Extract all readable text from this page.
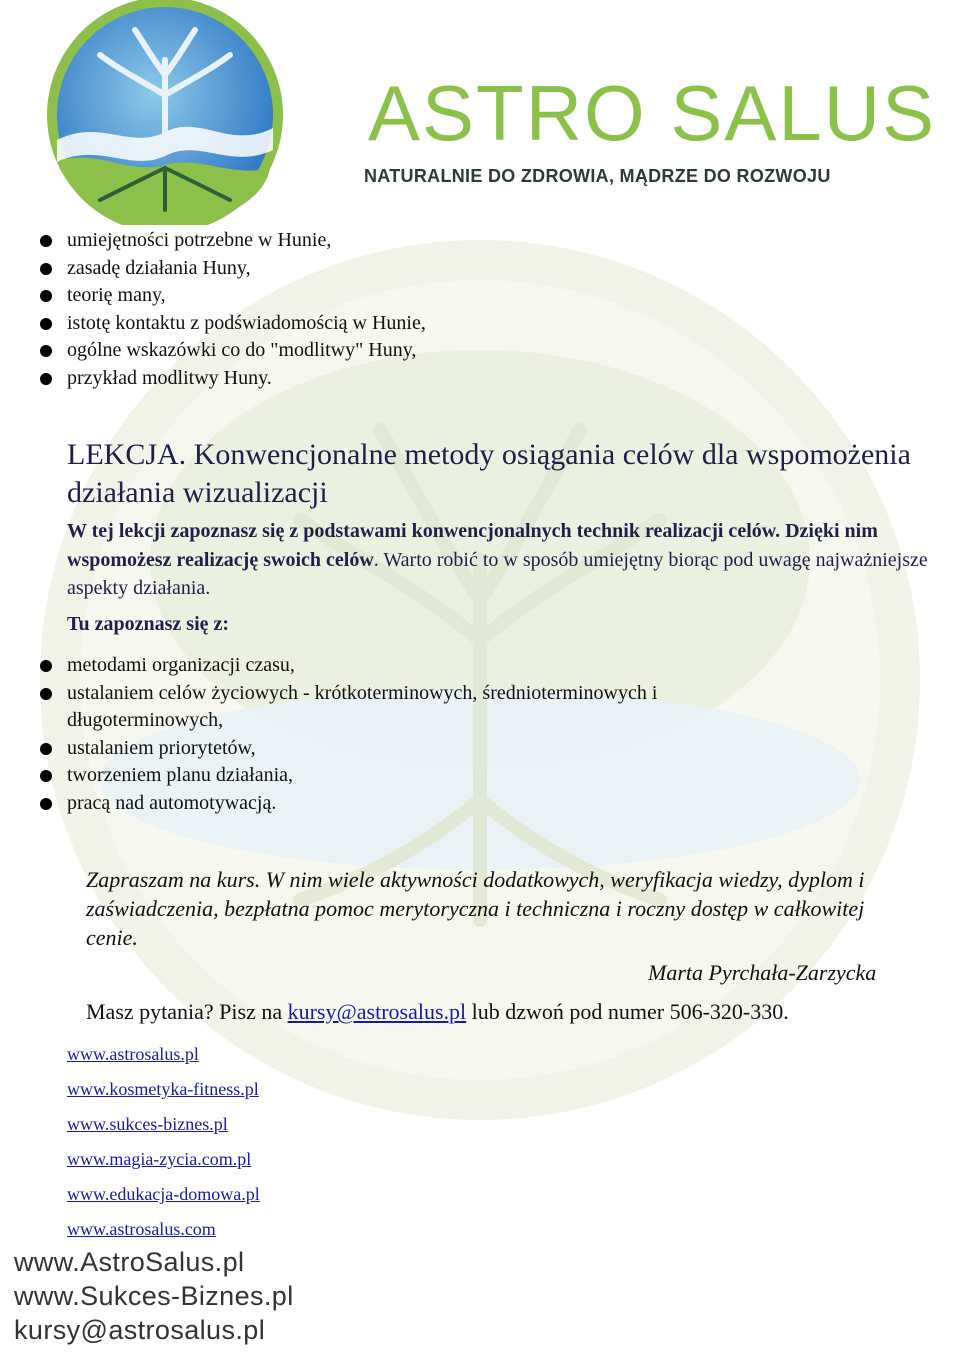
ASTRO SALUS
NATURALNIE DO ZDROWIA, MĄDRZE DO ROZWOJU
umiejętności potrzebne w Hunie,
zasadę działania Huny,
teorię many,
istotę kontaktu z podświadomością w Hunie,
ogólne wskazówki co do "modlitwy" Huny,
przykład modlitwy Huny.
LEKCJA. Konwencjonalne metody osiągania celów dla wspomożenia działania wizualizacji
W tej lekcji zapoznasz się z podstawami konwencjonalnych technik realizacji celów. Dzięki nim wspomożesz realizację swoich celów. Warto robić to w sposób umiejętny biorąc pod uwagę najważniejsze aspekty działania.
Tu zapoznasz się z:
metodami organizacji czasu,
ustalaniem celów życiowych - krótkoterminowych, średnioterminowych i długoterminowych,
ustalaniem priorytetów,
tworzeniem planu działania,
pracą nad automotywacją.
Zapraszam na kurs. W nim wiele aktywności dodatkowych, weryfikacja wiedzy, dyplom i zaświadczenia, bezpłatna pomoc merytoryczna i techniczna i roczny dostęp w całkowitej cenie.
Marta Pyrchała-Zarzycka
Masz pytania? Pisz na kursy@astrosalus.pl lub dzwoń pod numer 506-320-330.
www.astrosalus.pl
www.kosmetyka-fitness.pl
www.sukces-biznes.pl
www.magia-zycia.com.pl
www.edukacja-domowa.pl
www.astrosalus.com
www.AstroSalus.pl
www.Sukces-Biznes.pl
kursy@astrosalus.pl
